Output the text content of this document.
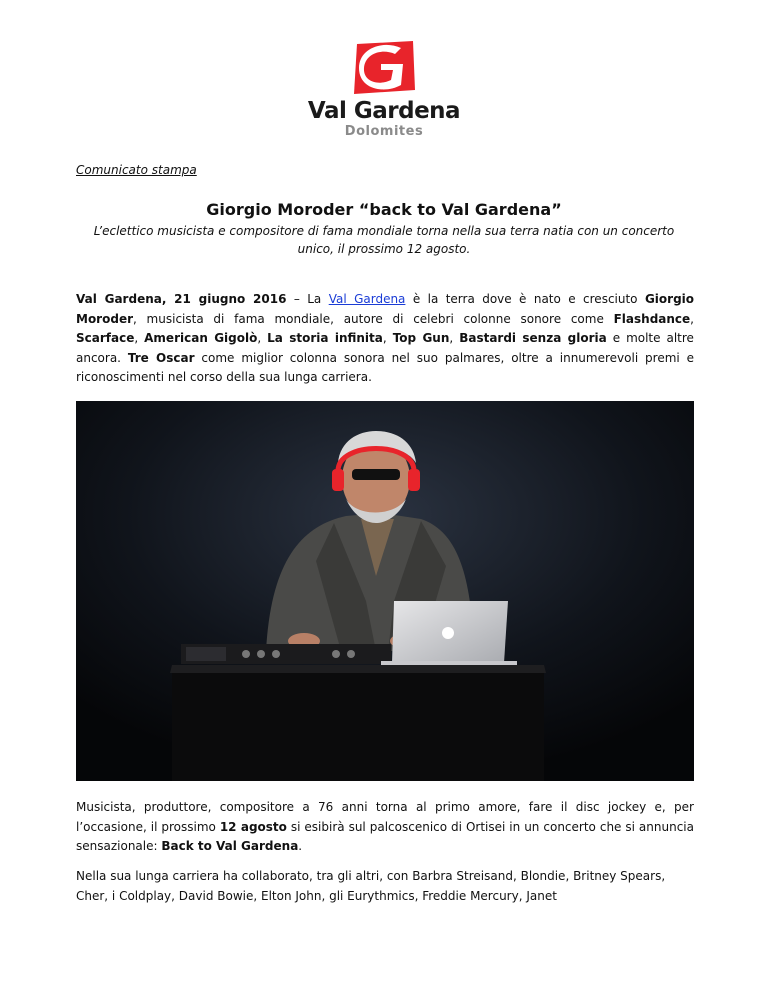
Val Gardena
Dolomites
Comunicato stampa
Giorgio Moroder “back to Val Gardena”
L’eclettico musicista e compositore di fama mondiale torna nella sua terra natia con un concerto unico, il prossimo 12 agosto.
Val Gardena, 21 giugno 2016 – La Val Gardena è la terra dove è nato e cresciuto Giorgio Moroder, musicista di fama mondiale, autore di celebri colonne sonore come Flashdance, Scarface, American Gigolò, La storia infinita, Top Gun, Bastardi senza gloria e molte altre ancora. Tre Oscar come miglior colonna sonora nel suo palmares, oltre a innumerevoli premi e riconoscimenti nel corso della sua lunga carriera.
Musicista, produttore, compositore a 76 anni torna al primo amore, fare il disc jockey e, per l’occasione, il prossimo 12 agosto si esibirà sul palcoscenico di Ortisei in un concerto che si annuncia sensazionale: Back to Val Gardena.
Nella sua lunga carriera ha collaborato, tra gli altri, con Barbra Streisand, Blondie, Britney Spears, Cher, i Coldplay, David Bowie, Elton John, gli Eurythmics, Freddie Mercury, Janet
